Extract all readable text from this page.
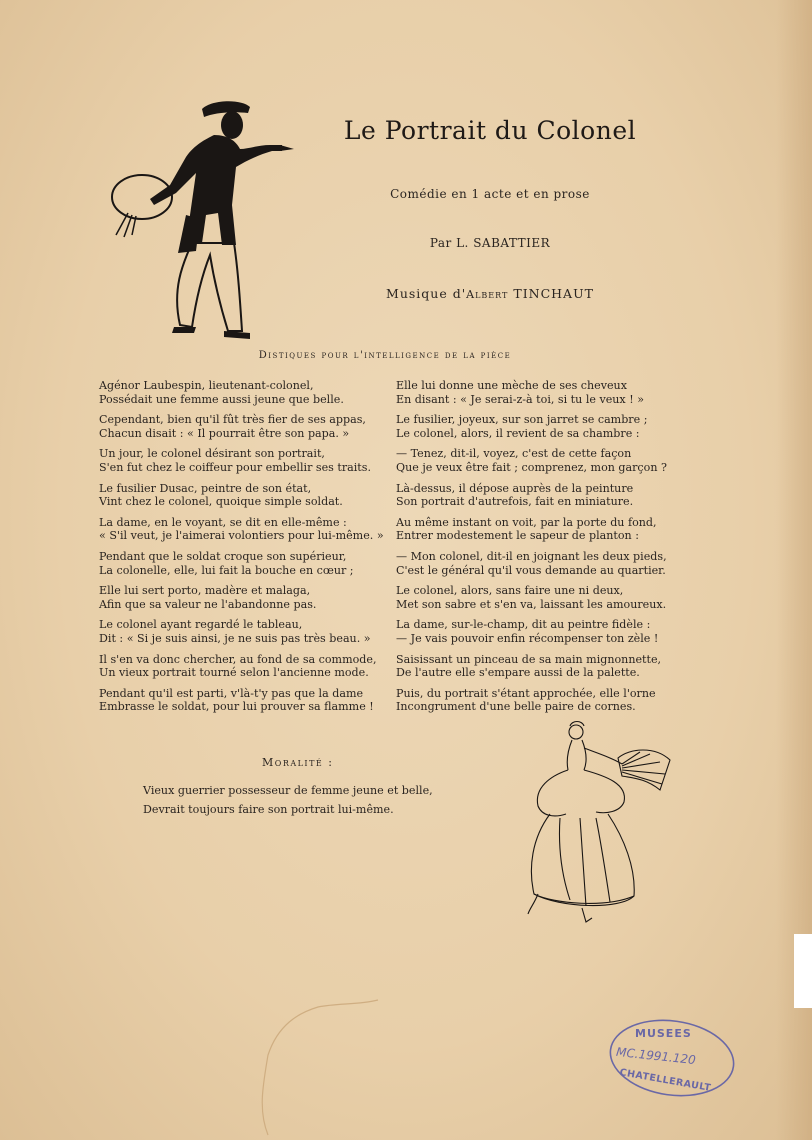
Le Portrait du Colonel
Comédie en 1 acte et en prose
Par L. SABATTIER
Musique d'Albert TINCHAUT
Distiques pour l'intelligence de la pièce
Agénor Laubespin, lieutenant-colonel,
Possédait une femme aussi jeune que belle.
Cependant, bien qu'il fût très fier de ses appas,
Chacun disait : « Il pourrait être son papa. »
Un jour, le colonel désirant son portrait,
S'en fut chez le coiffeur pour embellir ses traits.
Le fusilier Dusac, peintre de son état,
Vint chez le colonel, quoique simple soldat.
La dame, en le voyant, se dit en elle-même :
« S'il veut, je l'aimerai volontiers pour lui-même. »
Pendant que le soldat croque son supérieur,
La colonelle, elle, lui fait la bouche en cœur ;
Elle lui sert porto, madère et malaga,
Afin que sa valeur ne l'abandonne pas.
Le colonel ayant regardé le tableau,
Dit : « Si je suis ainsi, je ne suis pas très beau. »
Il s'en va donc chercher, au fond de sa commode,
Un vieux portrait tourné selon l'ancienne mode.
Pendant qu'il est parti, v'là-t'y pas que la dame
Embrasse le soldat, pour lui prouver sa flamme !
Elle lui donne une mèche de ses cheveux
En disant : « Je serai-z-à toi, si tu le veux ! »
Le fusilier, joyeux, sur son jarret se cambre ;
Le colonel, alors, il revient de sa chambre :
— Tenez, dit-il, voyez, c'est de cette façon
Que je veux être fait ; comprenez, mon garçon ?
Là-dessus, il dépose auprès de la peinture
Son portrait d'autrefois, fait en miniature.
Au même instant on voit, par la porte du fond,
Entrer modestement le sapeur de planton :
— Mon colonel, dit-il en joignant les deux pieds,
C'est le général qu'il vous demande au quartier.
Le colonel, alors, sans faire une ni deux,
Met son sabre et s'en va, laissant les amoureux.
La dame, sur-le-champ, dit au peintre fidèle :
— Je vais pouvoir enfin récompenser ton zèle !
Saisissant un pinceau de sa main mignonnette,
De l'autre elle s'empare aussi de la palette.
Puis, du portrait s'étant approchée, elle l'orne
Incongrument d'une belle paire de cornes.
Moralité :
Vieux guerrier possesseur de femme jeune et belle,
Devrait toujours faire son portrait lui-même.
MUSEES
MC.1991.120
CHATELLERAULT
